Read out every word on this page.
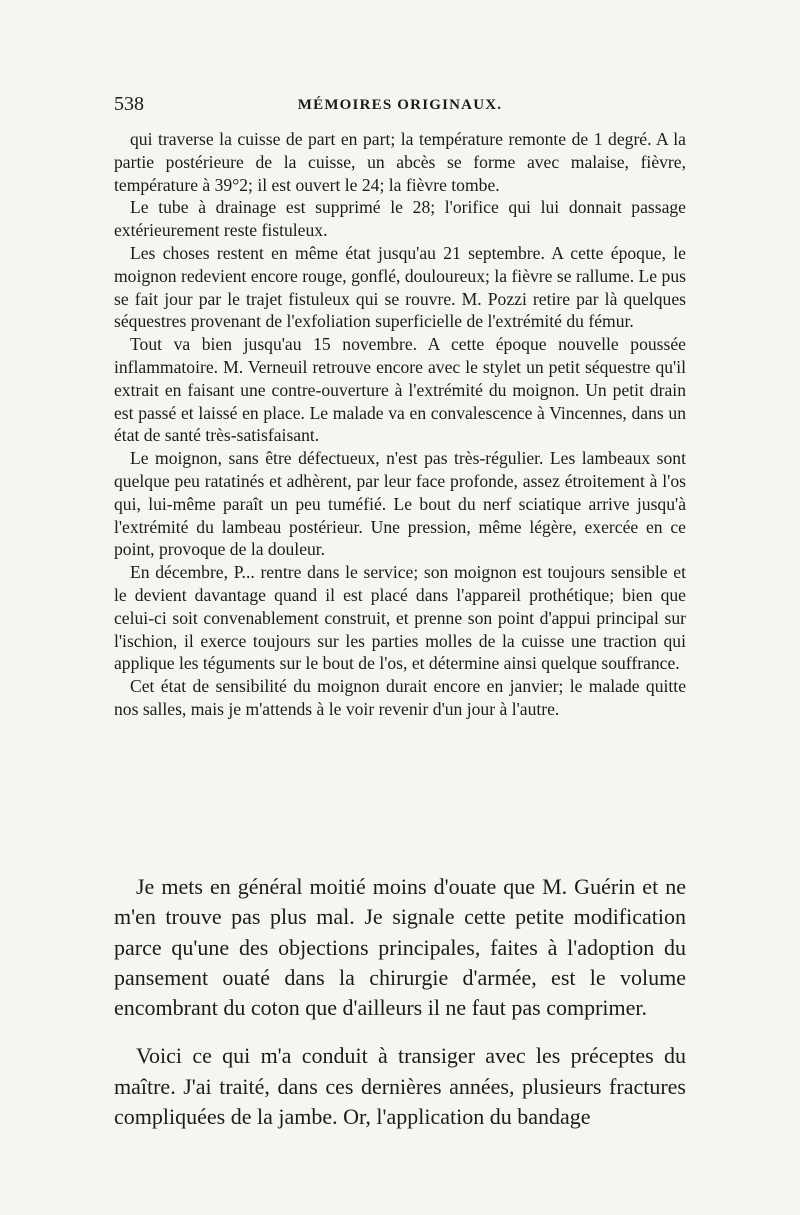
538	MÉMOIRES ORIGINAUX.

qui traverse la cuisse de part en part; la température remonte de 1 degré. A la partie postérieure de la cuisse, un abcès se forme avec malaise, fièvre, température à 39°2; il est ouvert le 24; la fièvre tombe.

Le tube à drainage est supprimé le 28; l'orifice qui lui donnait passage extérieurement reste fistuleux.

Les choses restent en même état jusqu'au 21 septembre. A cette époque, le moignon redevient encore rouge, gonflé, douloureux; la fièvre se rallume. Le pus se fait jour par le trajet fistuleux qui se rouvre. M. Pozzi retire par là quelques séquestres provenant de l'exfoliation superficielle de l'extrémité du fémur.

Tout va bien jusqu'au 15 novembre. A cette époque nouvelle poussée inflammatoire. M. Verneuil retrouve encore avec le stylet un petit séquestre qu'il extrait en faisant une contre-ouverture à l'extrémité du moignon. Un petit drain est passé et laissé en place. Le malade va en convalescence à Vincennes, dans un état de santé très-satisfaisant.

Le moignon, sans être défectueux, n'est pas très-régulier. Les lambeaux sont quelque peu ratatinés et adhèrent, par leur face profonde, assez étroitement à l'os qui, lui-même paraît un peu tuméfié. Le bout du nerf sciatique arrive jusqu'à l'extrémité du lambeau postérieur. Une pression, même légère, exercée en ce point, provoque de la douleur.

En décembre, P... rentre dans le service; son moignon est toujours sensible et le devient davantage quand il est placé dans l'appareil prothétique; bien que celui-ci soit convenablement construit, et prenne son point d'appui principal sur l'ischion, il exerce toujours sur les parties molles de la cuisse une traction qui applique les téguments sur le bout de l'os, et détermine ainsi quelque souffrance.

Cet état de sensibilité du moignon durait encore en janvier; le malade quitte nos salles, mais je m'attends à le voir revenir d'un jour à l'autre.

Je mets en général moitié moins d'ouate que M. Guérin et ne m'en trouve pas plus mal. Je signale cette petite modification parce qu'une des objections principales, faites à l'adoption du pansement ouaté dans la chirurgie d'armée, est le volume encombrant du coton que d'ailleurs il ne faut pas comprimer.

Voici ce qui m'a conduit à transiger avec les préceptes du maître. J'ai traité, dans ces dernières années, plusieurs fractures compliquées de la jambe. Or, l'application du bandage
